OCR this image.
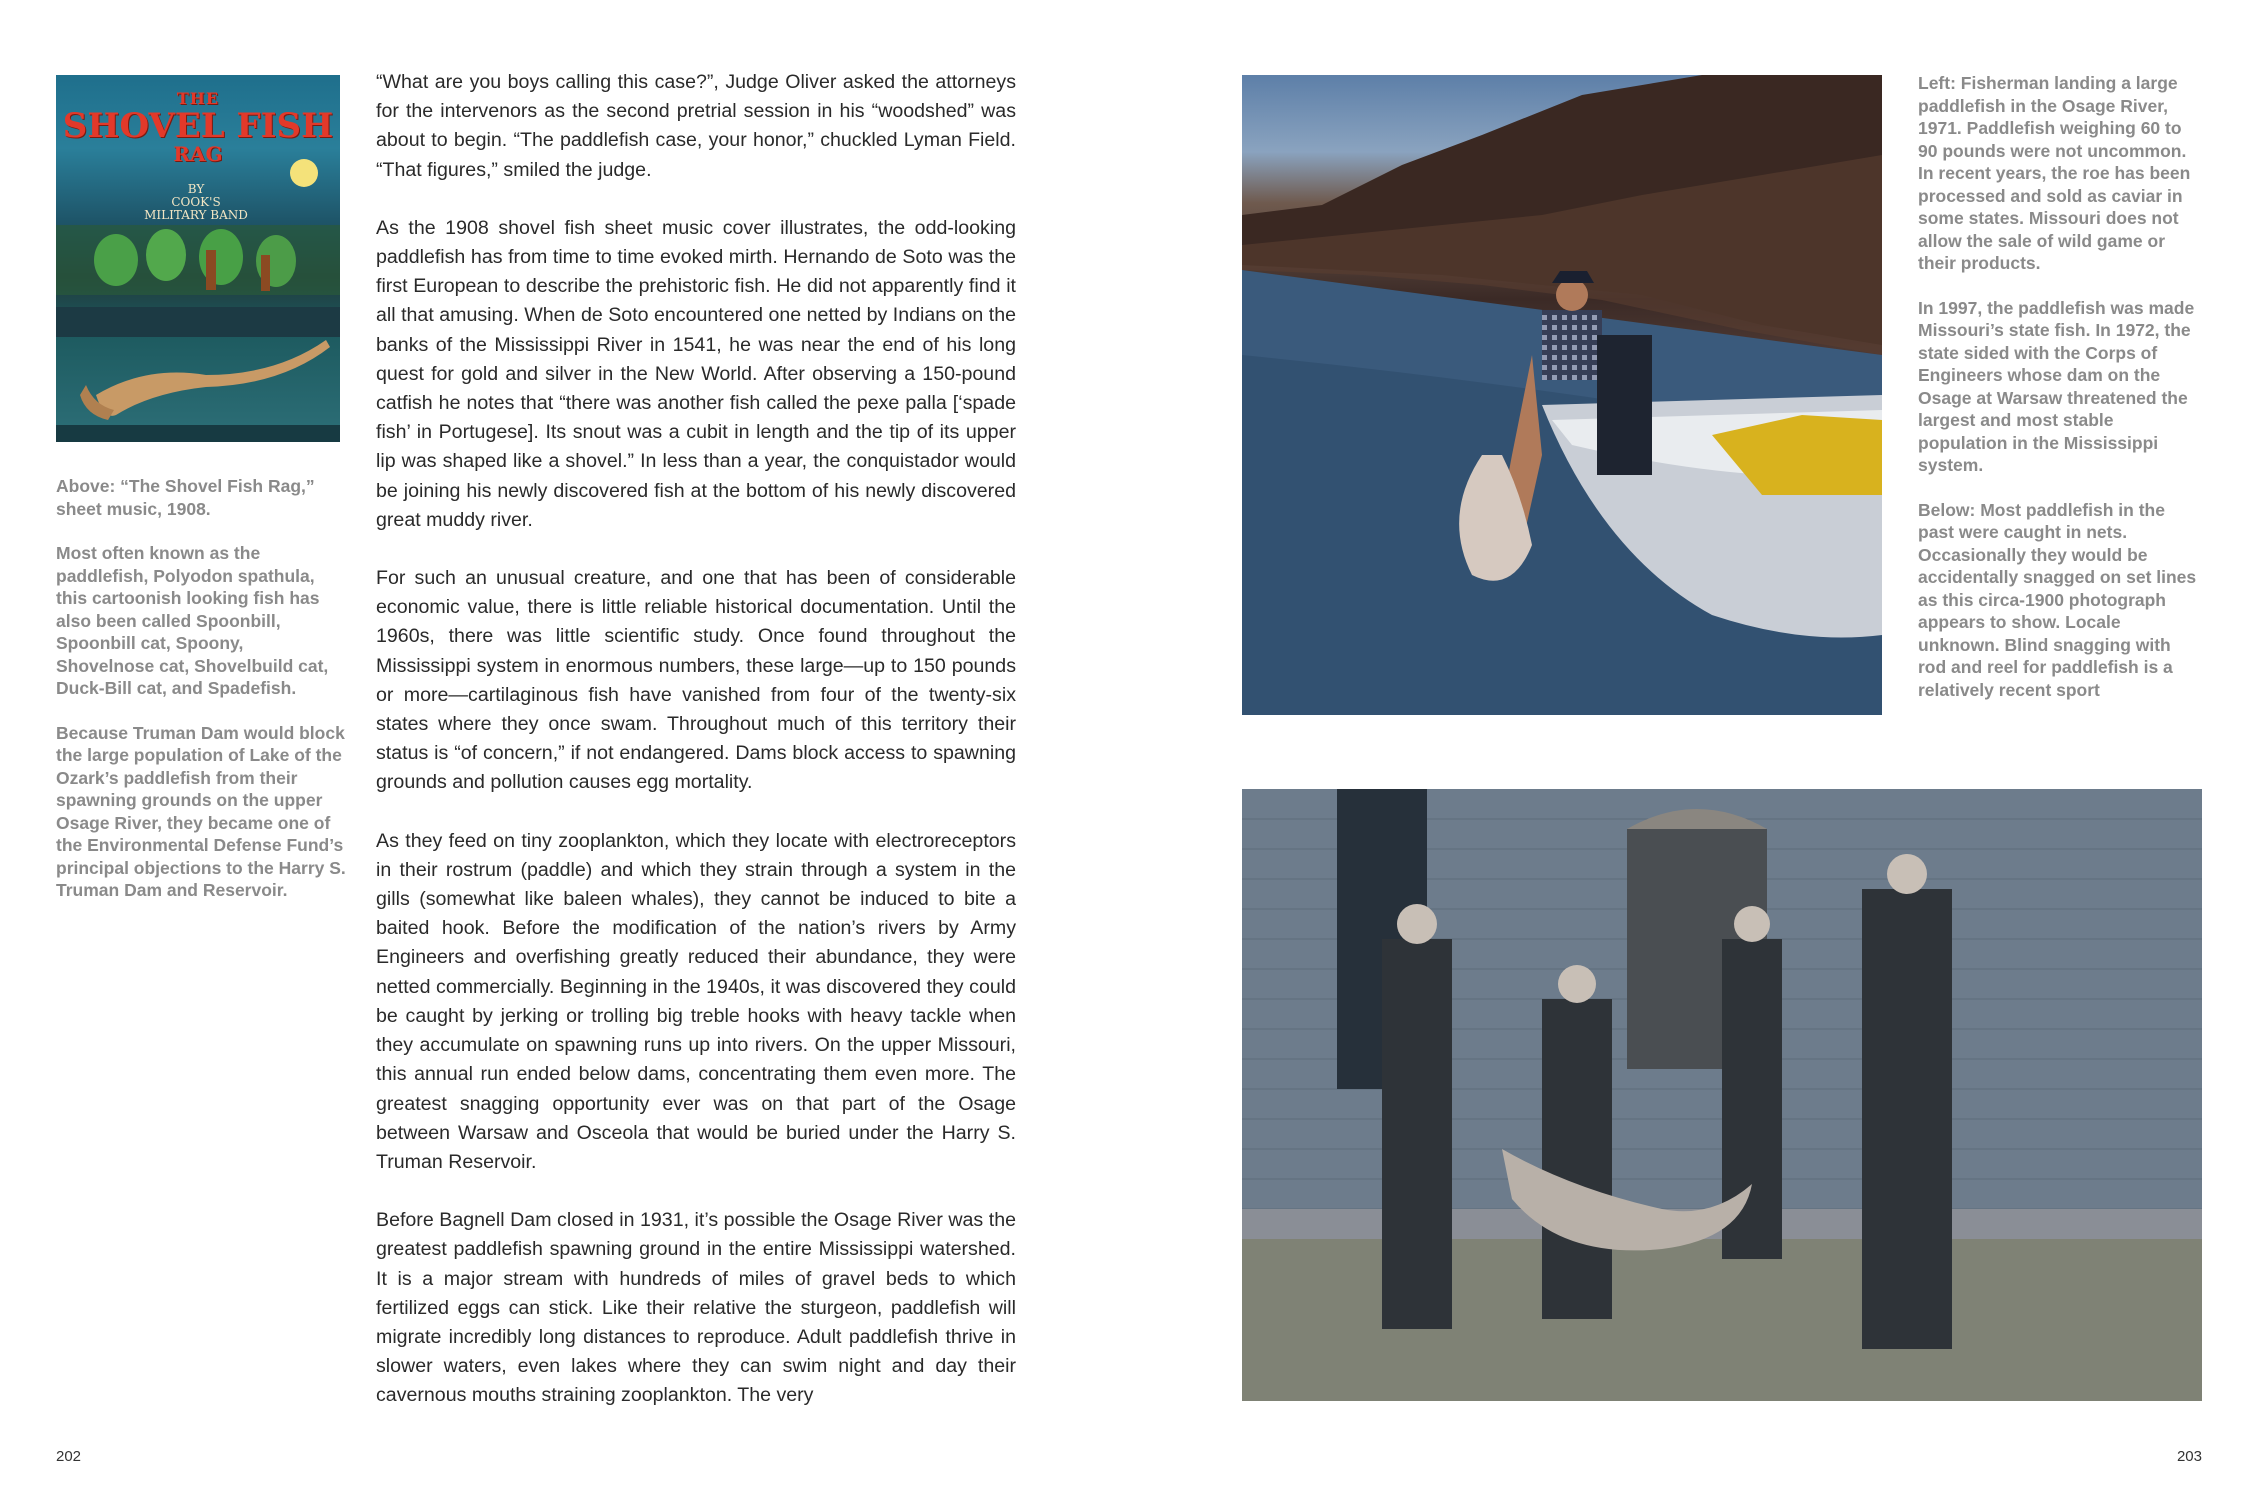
THE
SHOVEL FISH
RAG
BY
COOK'S
MILITARY BAND

Above: “The Shovel Fish Rag,” sheet music, 1908.

Most often known as the paddlefish, Polyodon spathula, this cartoonish looking fish has also been called Spoonbill, Spoonbill cat, Spoony, Shovelnose cat, Shovelbuild cat, Duck-Bill cat, and Spadefish.

Because Truman Dam would block the large population of Lake of the Ozark’s paddlefish from their spawning grounds on the upper Osage River, they became one of the Environmental Defense Fund’s principal objections to the Harry S. Truman Dam and Reservoir.

“What are you boys calling this case?”, Judge Oliver asked the attorneys for the intervenors as the second pretrial session in his “woodshed” was about to begin. “The paddlefish case, your honor,” chuckled Lyman Field. “That figures,” smiled the judge.

As the 1908 shovel fish sheet music cover illustrates, the odd-looking paddlefish has from time to time evoked mirth. Hernando de Soto was the first European to describe the prehistoric fish. He did not apparently find it all that amusing. When de Soto encountered one netted by Indians on the banks of the Mississippi River in 1541, he was near the end of his long quest for gold and silver in the New World. After observing a 150-pound catfish he notes that “there was another fish called the pexe palla [‘spade fish’ in Portugese]. Its snout was a cubit in length and the tip of its upper lip was shaped like a shovel.” In less than a year, the conquistador would be joining his newly discovered fish at the bottom of his newly discovered great muddy river.

For such an unusual creature, and one that has been of considerable economic value, there is little reliable historical documentation. Until the 1960s, there was little scientific study. Once found throughout the Mississippi system in enormous numbers, these large—up to 150 pounds or more—cartilaginous fish have vanished from four of the twenty-six states where they once swam. Throughout much of this territory their status is “of concern,” if not endangered. Dams block access to spawning grounds and pollution causes egg mortality.

As they feed on tiny zooplankton, which they locate with electroreceptors in their rostrum (paddle) and which they strain through a system in the gills (somewhat like baleen whales), they cannot be induced to bite a baited hook. Before the modification of the nation’s rivers by Army Engineers and overfishing greatly reduced their abundance, they were netted commercially. Beginning in the 1940s, it was discovered they could be caught by jerking or trolling big treble hooks with heavy tackle when they accumulate on spawning runs up into rivers. On the upper Missouri, this annual run ended below dams, concentrating them even more. The greatest snagging opportunity ever was on that part of the Osage between Warsaw and Osceola that would be buried under the Harry S. Truman Reservoir.

Before Bagnell Dam closed in 1931, it’s possible the Osage River was the greatest paddlefish spawning ground in the entire Mississippi watershed. It is a major stream with hundreds of miles of gravel beds to which fertilized eggs can stick. Like their relative the sturgeon, paddlefish will migrate incredibly long distances to reproduce. Adult paddlefish thrive in slower waters, even lakes where they can swim night and day their cavernous mouths straining zooplankton. The very

202

Left: Fisherman landing a large paddlefish in the Osage River, 1971. Paddlefish weighing 60 to 90 pounds were not uncommon. In recent years, the roe has been processed and sold as caviar in some states. Missouri does not allow the sale of wild game or their products.

In 1997, the paddlefish was made Missouri’s state fish. In 1972, the state sided with the Corps of Engineers whose dam on the Osage at Warsaw threatened the largest and most stable population in the Mississippi system.

Below: Most paddlefish in the past were caught in nets. Occasionally they would be accidentally snagged on set lines as this circa-1900 photograph appears to show. Locale unknown. Blind snagging with rod and reel for paddlefish is a relatively recent sport

203
